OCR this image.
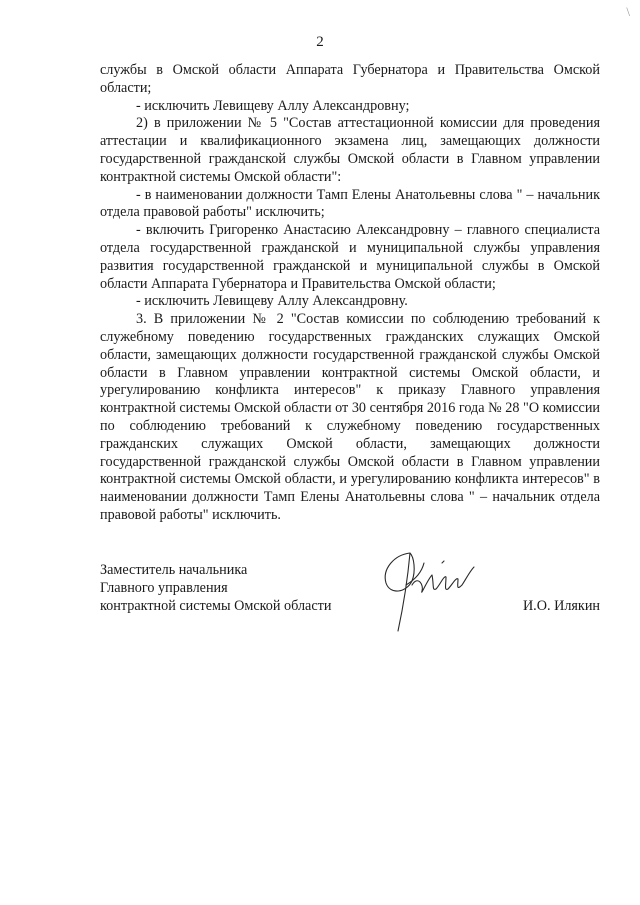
\
2

службы в Омской области Аппарата Губернатора и Правительства Омской области;

- исключить Левищеву Аллу Александровну;

2) в приложении № 5 "Состав аттестационной комиссии для проведения аттестации и квалификационного экзамена лиц, замещающих должности государственной гражданской службы Омской области в Главном управлении контрактной системы Омской области":

- в наименовании должности Тамп Елены Анатольевны слова " – начальник отдела правовой работы" исключить;

- включить Григоренко Анастасию Александровну – главного специалиста отдела государственной гражданской и муниципальной службы управления развития государственной гражданской и муниципальной службы в Омской области Аппарата Губернатора и Правительства Омской области;

- исключить Левищеву Аллу Александровну.

3. В приложении № 2 "Состав комиссии по соблюдению требований к служебному поведению государственных гражданских служащих Омской области, замещающих должности государственной гражданской службы Омской области в Главном управлении контрактной системы Омской области, и урегулированию конфликта интересов" к приказу Главного управления контрактной системы Омской области от 30 сентября 2016 года № 28 "О комиссии по соблюдению требований к служебному поведению государственных гражданских служащих Омской области, замещающих должности государственной гражданской службы Омской области в Главном управлении контрактной системы Омской области, и урегулированию конфликта интересов" в наименовании должности Тамп Елены Анатольевны слова " – начальник отдела правовой работы" исключить.

Заместитель начальника
Главного управления
контрактной системы Омской области	И.О. Илякин
